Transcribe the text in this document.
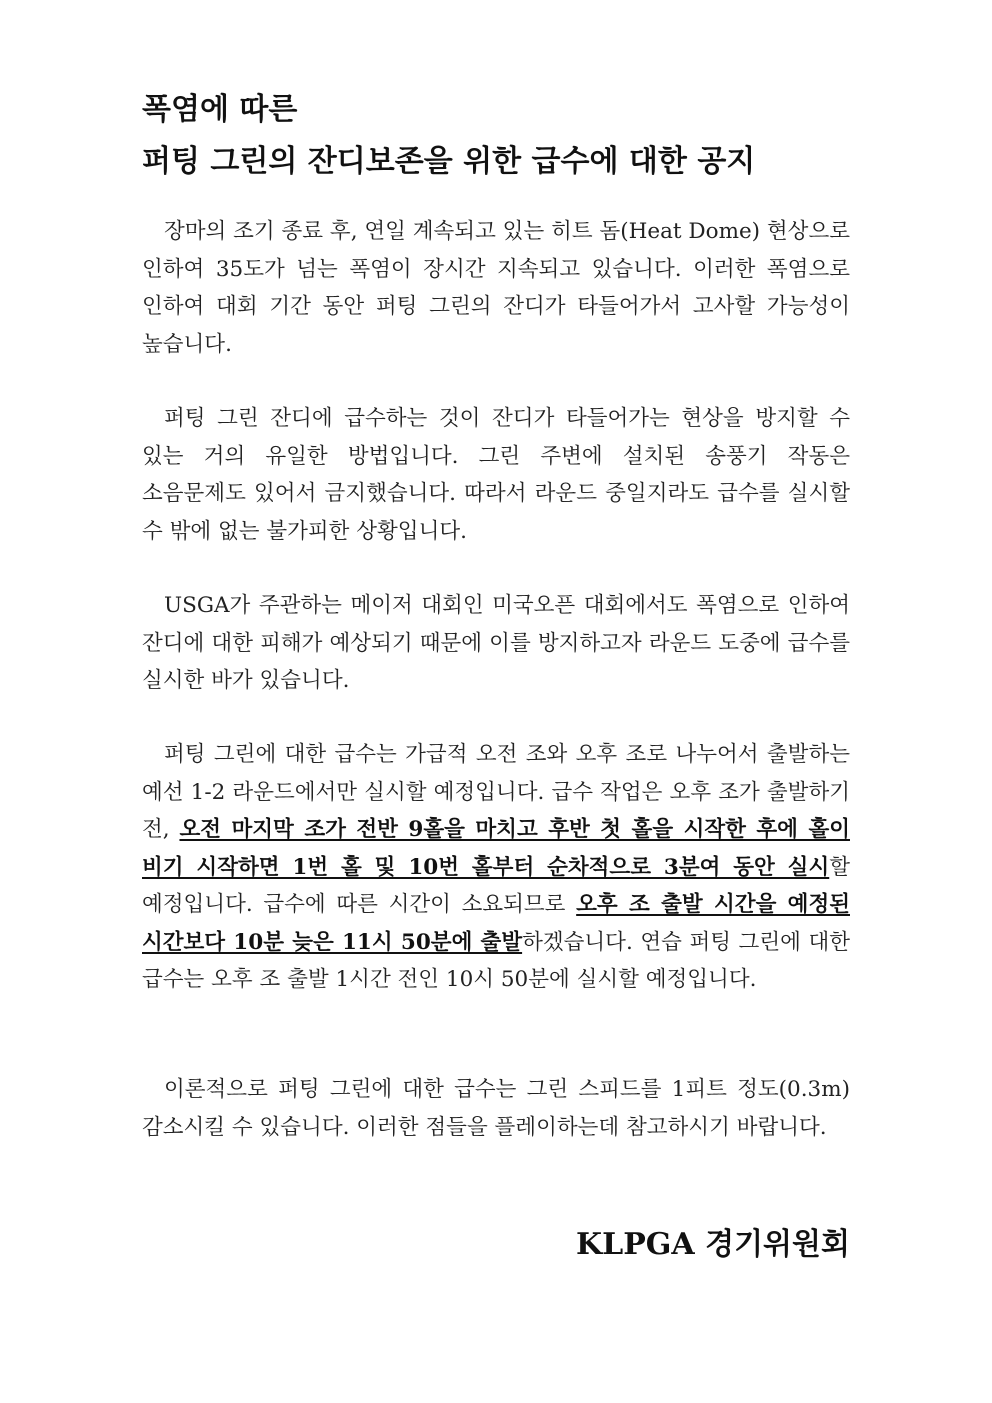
폭염에 따른
퍼팅 그린의 잔디보존을 위한 급수에 대한 공지

장마의 조기 종료 후, 연일 계속되고 있는 히트 돔(Heat Dome) 현상으로 인하여 35도가 넘는 폭염이 장시간 지속되고 있습니다. 이러한 폭염으로 인하여 대회 기간 동안 퍼팅 그린의 잔디가 타들어가서 고사할 가능성이 높습니다.

퍼팅 그린 잔디에 급수하는 것이 잔디가 타들어가는 현상을 방지할 수 있는 거의 유일한 방법입니다. 그린 주변에 설치된 송풍기 작동은 소음문제도 있어서 금지했습니다. 따라서 라운드 중일지라도 급수를 실시할 수 밖에 없는 불가피한 상황입니다.

USGA가 주관하는 메이저 대회인 미국오픈 대회에서도 폭염으로 인하여 잔디에 대한 피해가 예상되기 때문에 이를 방지하고자 라운드 도중에 급수를 실시한 바가 있습니다.

퍼팅 그린에 대한 급수는 가급적 오전 조와 오후 조로 나누어서 출발하는 예선 1-2 라운드에서만 실시할 예정입니다. 급수 작업은 오후 조가 출발하기 전, 오전 마지막 조가 전반 9홀을 마치고 후반 첫 홀을 시작한 후에 홀이 비기 시작하면 1번 홀 및 10번 홀부터 순차적으로 3분여 동안 실시할 예정입니다. 급수에 따른 시간이 소요되므로 오후 조 출발 시간을 예정된 시간보다 10분 늦은 11시 50분에 출발하겠습니다. 연습 퍼팅 그린에 대한 급수는 오후 조 출발 1시간 전인 10시 50분에 실시할 예정입니다.

이론적으로 퍼팅 그린에 대한 급수는 그린 스피드를 1피트 정도(0.3m) 감소시킬 수 있습니다. 이러한 점들을 플레이하는데 참고하시기 바랍니다.

KLPGA 경기위원회
